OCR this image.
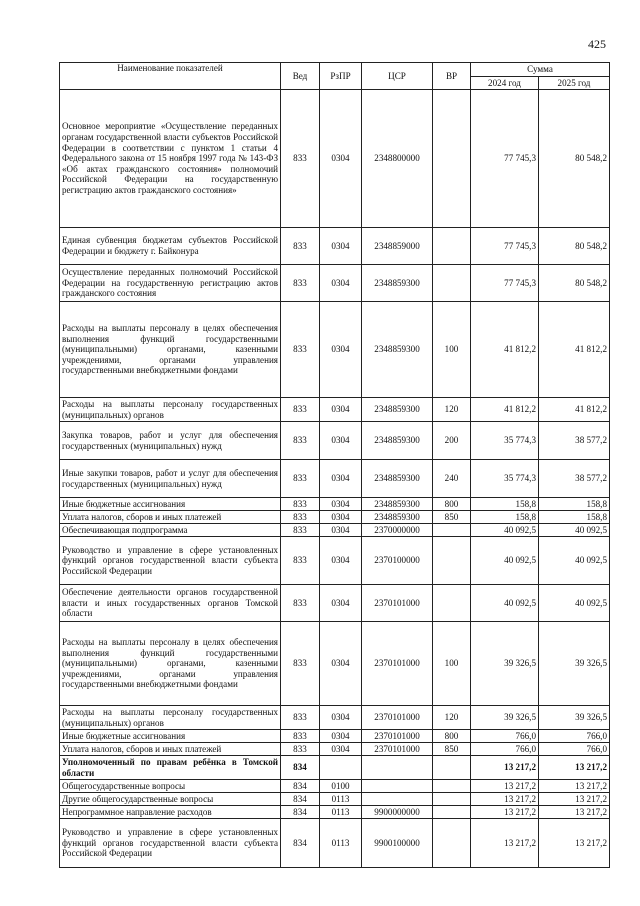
425
Наименование показателей	Вед	РзПР	ЦСР	ВР	Сумма	
					2024 год	2025 год
Основное мероприятие «Осуществление переданных органам государственной власти субъектов Российской Федерации в соответствии с пунктом 1 статьи 4 Федерального закона от 15 ноября 1997 года № 143-ФЗ «Об актах гражданского состояния» полномочий Российской Федерации на государственную регистрацию актов гражданского состояния»	833	0304	2348800000		77 745,3	80 548,2
Единая субвенция бюджетам субъектов Российской Федерации и бюджету г. Байконура	833	0304	2348859000		77 745,3	80 548,2
Осуществление переданных полномочий Российской Федерации на государственную регистрацию актов гражданского состояния	833	0304	2348859300		77 745,3	80 548,2
Расходы на выплаты персоналу в целях обеспечения выполнения функций государственными (муниципальными) органами, казенными учреждениями, органами управления государственными внебюджетными фондами	833	0304	2348859300	100	41 812,2	41 812,2
Расходы на выплаты персоналу государственных (муниципальных) органов	833	0304	2348859300	120	41 812,2	41 812,2
Закупка товаров, работ и услуг для обеспечения государственных (муниципальных) нужд	833	0304	2348859300	200	35 774,3	38 577,2
Иные закупки товаров, работ и услуг для обеспечения государственных (муниципальных) нужд	833	0304	2348859300	240	35 774,3	38 577,2
Иные бюджетные ассигнования	833	0304	2348859300	800	158,8	158,8
Уплата налогов, сборов и иных платежей	833	0304	2348859300	850	158,8	158,8
Обеспечивающая подпрограмма	833	0304	2370000000		40 092,5	40 092,5
Руководство и управление в сфере установленных функций органов государственной власти субъекта Российской Федерации	833	0304	2370100000		40 092,5	40 092,5
Обеспечение деятельности органов государственной власти и иных государственных органов Томской области	833	0304	2370101000		40 092,5	40 092,5
Расходы на выплаты персоналу в целях обеспечения выполнения функций государственными (муниципальными) органами, казенными учреждениями, органами управления государственными внебюджетными фондами	833	0304	2370101000	100	39 326,5	39 326,5
Расходы на выплаты персоналу государственных (муниципальных) органов	833	0304	2370101000	120	39 326,5	39 326,5
Иные бюджетные ассигнования	833	0304	2370101000	800	766,0	766,0
Уплата налогов, сборов и иных платежей	833	0304	2370101000	850	766,0	766,0
Уполномоченный по правам ребёнка в Томской области	834				13 217,2	13 217,2
Общегосударственные вопросы	834	0100			13 217,2	13 217,2
Другие общегосударственные вопросы	834	0113			13 217,2	13 217,2
Непрограммное направление расходов	834	0113	9900000000		13 217,2	13 217,2
Руководство и управление в сфере установленных функций органов государственной власти субъекта Российской Федерации	834	0113	9900100000		13 217,2	13 217,2
